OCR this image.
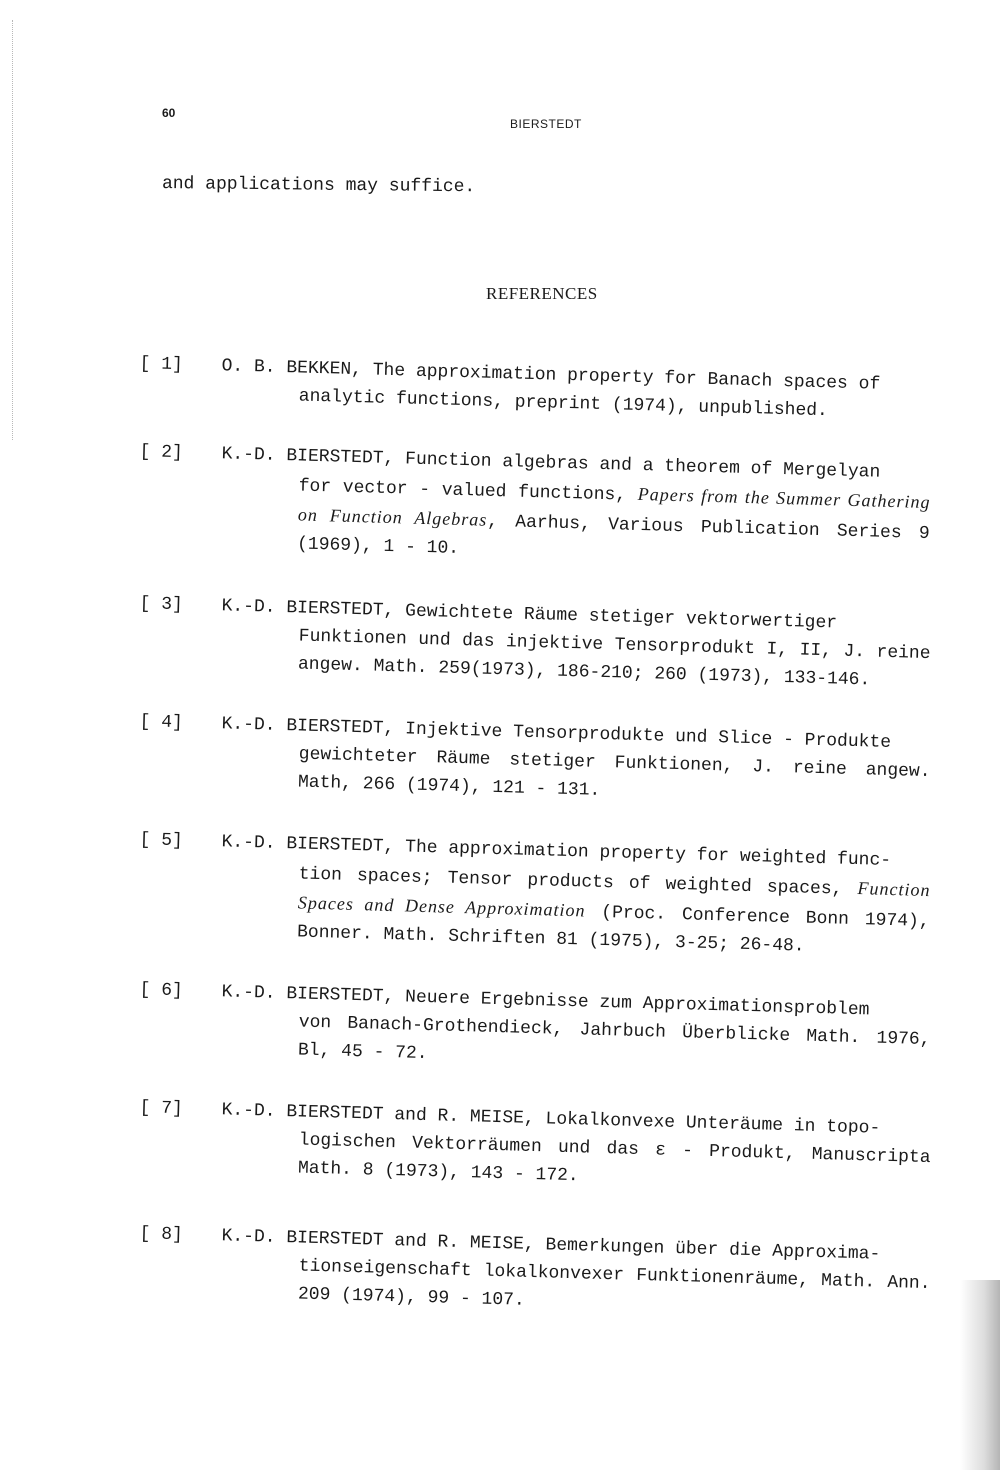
60
BIERSTEDT
and applications may suffice.
REFERENCES
[ 1]	O. B. BEKKEN, The approximation property for Banach spaces of
analytic functions, preprint (1974), unpublished.
[ 2]	K.-D. BIERSTEDT, Function algebras and a theorem of Mergelyan
for vector - valued functions, Papers from the Summer Gathering on Function Algebras, Aarhus, Various Publication Series 9 (1969), 1 - 10.
[ 3]	K.-D. BIERSTEDT, Gewichtete Räume stetiger vektorwertiger
Funktionen und das injektive Tensorprodukt I, II, J. reine angew. Math. 259(1973), 186-210; 260 (1973), 133-146.
[ 4]	K.-D. BIERSTEDT, Injektive Tensorprodukte und Slice - Produkte
gewichteter Räume stetiger Funktionen, J. reine angew. Math, 266 (1974), 121 - 131.
[ 5]	K.-D. BIERSTEDT, The approximation property for weighted func-
tion spaces; Tensor products of weighted spaces, Function Spaces and Dense Approximation (Proc. Conference Bonn 1974), Bonner. Math. Schriften 81 (1975), 3-25; 26-48.
[ 6]	K.-D. BIERSTEDT, Neuere Ergebnisse zum Approximationsproblem
von Banach-Grothendieck, Jahrbuch Überblicke Math. 1976, Bl, 45 - 72.
[ 7]	K.-D. BIERSTEDT and R. MEISE, Lokalkonvexe Unteräume in topo-
logischen Vektorräumen und das ε - Produkt, Manuscripta Math. 8 (1973), 143 - 172.
[ 8]	K.-D. BIERSTEDT and R. MEISE, Bemerkungen über die Approxima-
tionseigenschaft lokalkonvexer Funktionenräume, Math. Ann. 209 (1974), 99 - 107.
